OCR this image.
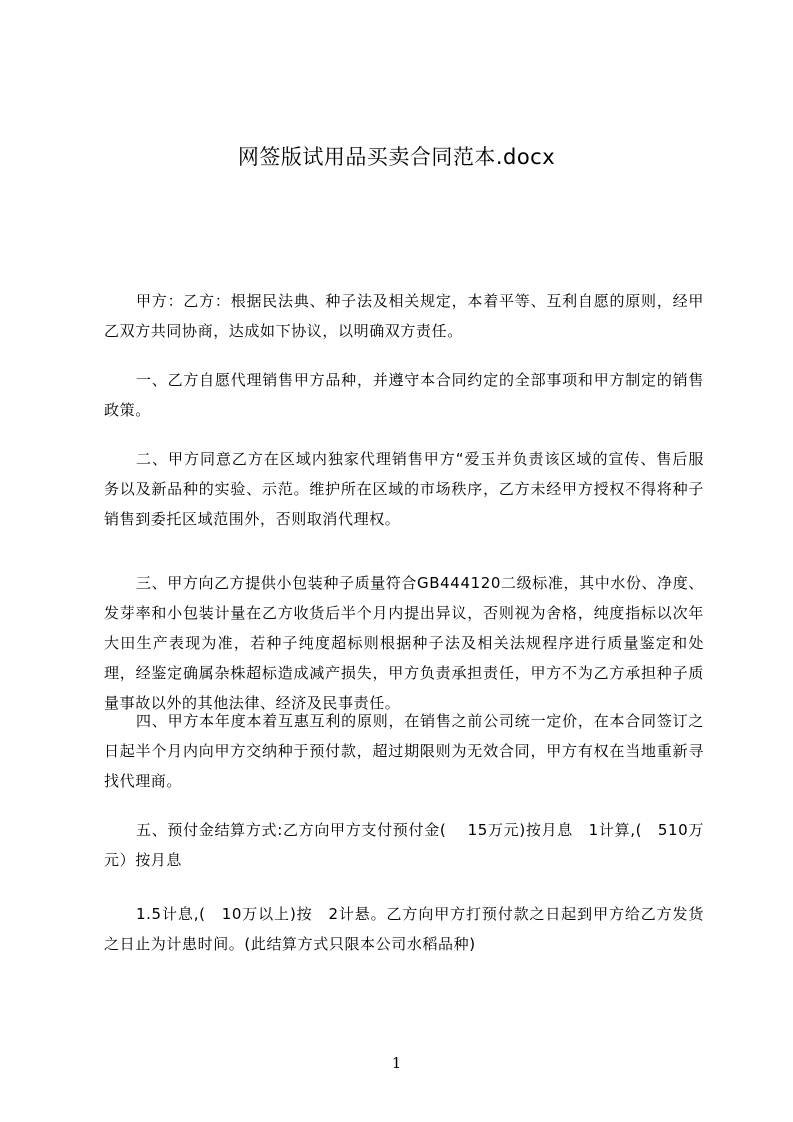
网签版试用品买卖合同范本.docx

甲方：乙方：根据民法典、种子法及相关规定，本着平等、互利自愿的原则，经甲乙双方共同协商，达成如下协议，以明确双方责任。

一、乙方自愿代理销售甲方品种，并遵守本合同约定的全部事项和甲方制定的销售政策。

二、甲方同意乙方在区域内独家代理销售甲方“爱玉并负责该区域的宣传、售后服务以及新品种的实验、示范。维护所在区域的市场秩序，乙方未经甲方授权不得将种子销售到委托区域范围外，否则取消代理权。

三、甲方向乙方提供小包装种子质量符合GB444120二级标准，其中水份、净度、发芽率和小包装计量在乙方收货后半个月内提出异议，否则视为舍格，纯度指标以次年大田生产表现为准，若种子纯度超标则根据种子法及相关法规程序进行质量鉴定和处理，经鉴定确属杂株超标造成减产损失，甲方负责承担责任，甲方不为乙方承担种子质量事故以外的其他法律、经济及民事责任。

四、甲方本年度本着互惠互利的原则，在销售之前公司统一定价，在本合同签订之日起半个月内向甲方交纳种于预付款，超过期限则为无效合同，甲方有权在当地重新寻找代理商。

五、预付金结算方式:乙方向甲方支付预付金(　 15万元)按月息　1计算,(　510万元）按月息

1.5计息,(　10万以上)按　2计悬。乙方向甲方打预付款之日起到甲方给乙方发货之日止为计患时间。(此结算方式只限本公司水稻品种)

1
